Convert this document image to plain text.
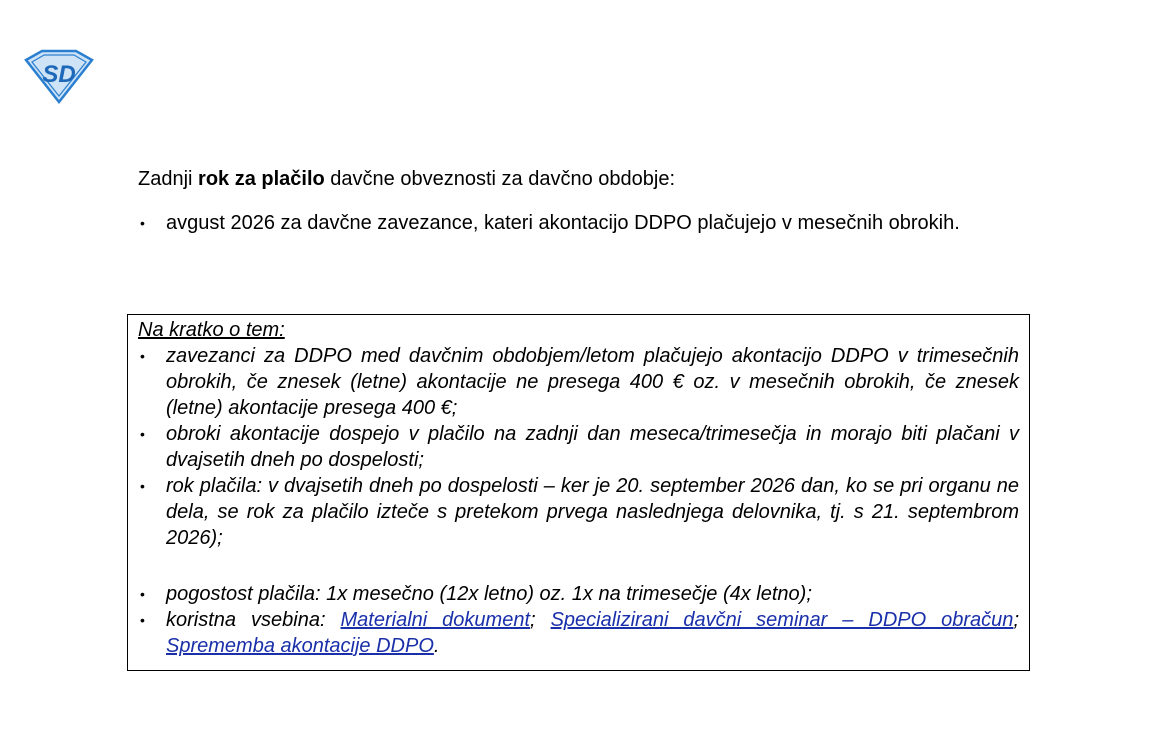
SD

Zadnji rok za plačilo davčne obveznosti za davčno obdobje:

• avgust 2026 za davčne zavezance, kateri akontacijo DDPO plačujejo v mesečnih obrokih.
Na kratko o tem:
• zavezanci za DDPO med davčnim obdobjem/letom plačujejo akontacijo DDPO v trimesečnih obrokih, če znesek (letne) akontacije ne presega 400 € oz. v mesečnih obrokih, če znesek (letne) akontacije presega 400 €;
• obroki akontacije dospejo v plačilo na zadnji dan meseca/trimesečja in morajo biti plačani v dvajsetih dneh po dospelosti;
• rok plačila: v dvajsetih dneh po dospelosti – ker je 20. september 2026 dan, ko se pri organu ne dela, se rok za plačilo izteče s pretekom prvega naslednjega delovnika, tj. s 21. septembrom 2026);
• pogostost plačila: 1x mesečno (12x letno) oz. 1x na trimesečje (4x letno);
• koristna vsebina: Materialni dokument; Specializirani davčni seminar – DDPO obračun; Sprememba akontacije DDPO.
